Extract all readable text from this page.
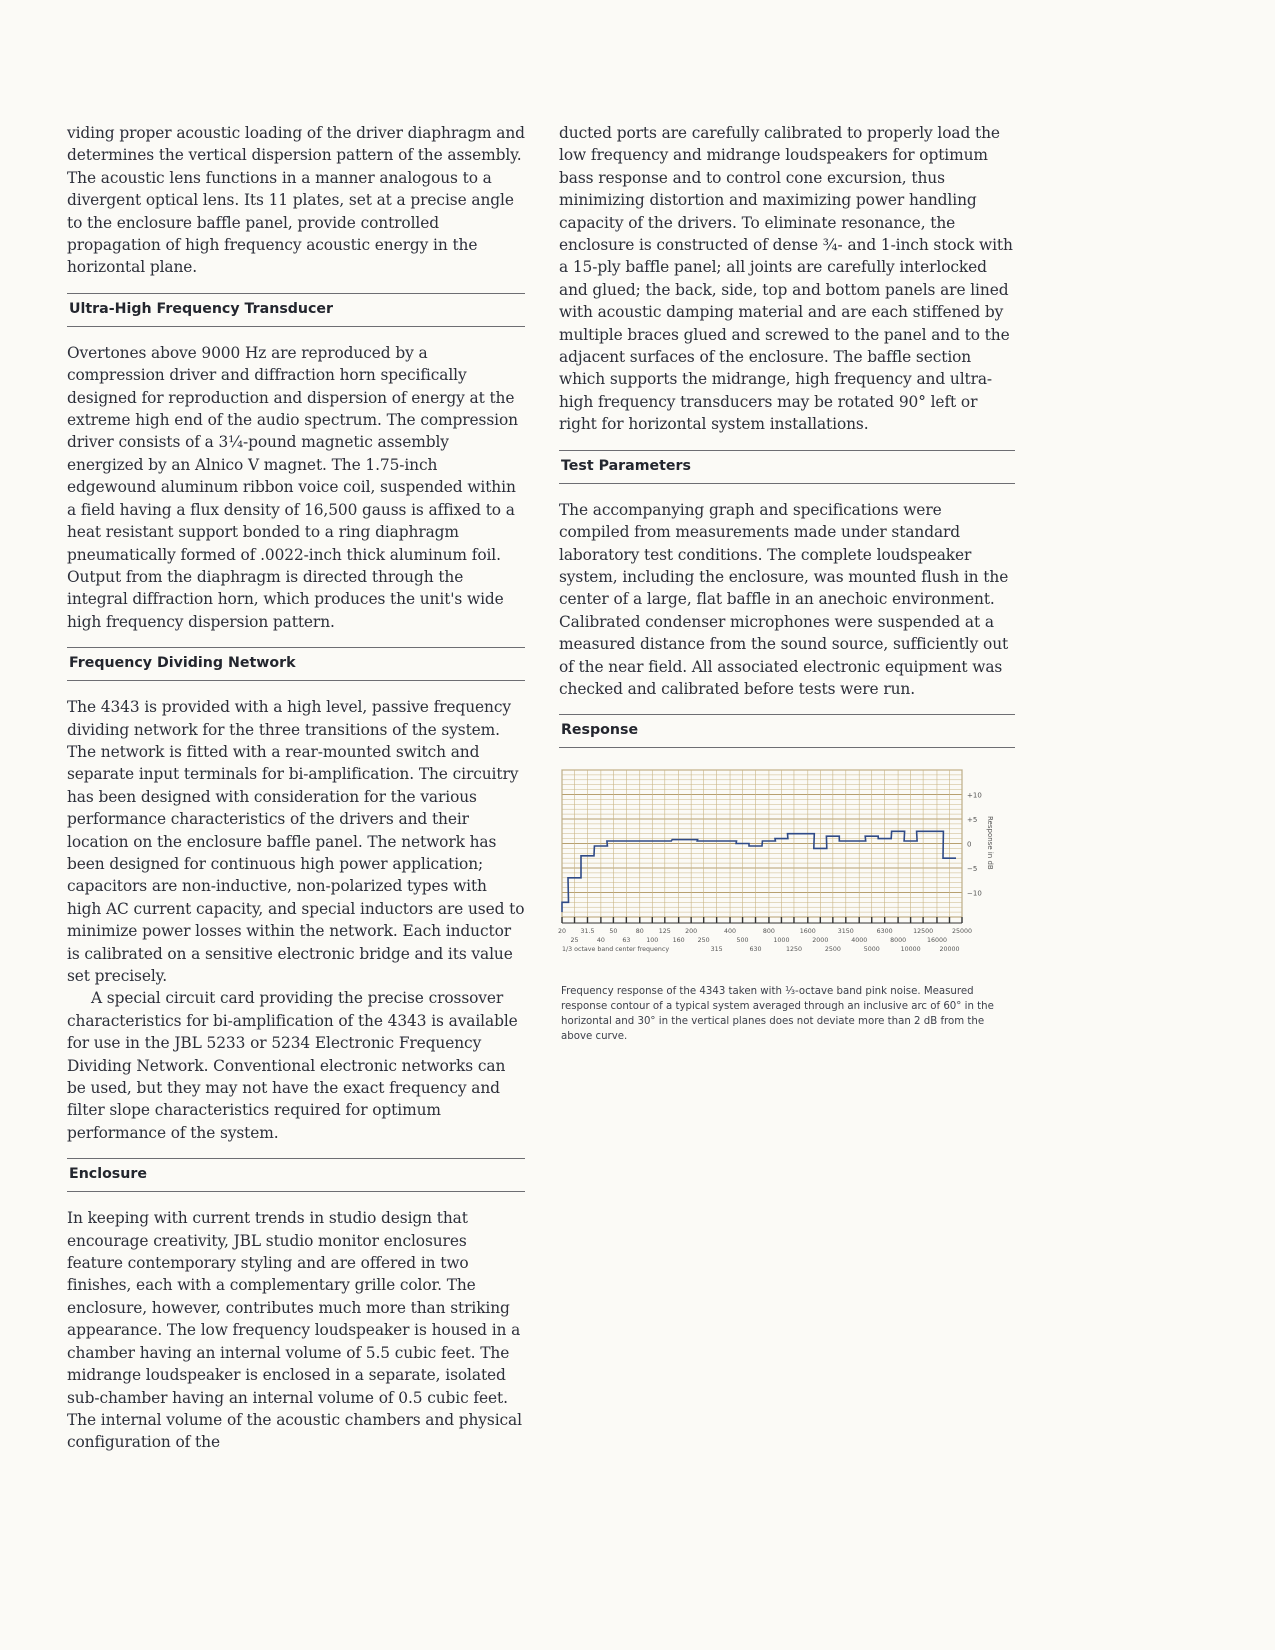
viding proper acoustic loading of the driver diaphragm and determines the vertical dispersion pattern of the assembly. The acoustic lens functions in a manner analogous to a divergent optical lens. Its 11 plates, set at a precise angle to the enclosure baffle panel, provide controlled propagation of high frequency acoustic energy in the horizontal plane.

Ultra-High Frequency Transducer

Overtones above 9000 Hz are reproduced by a compression driver and diffraction horn specifically designed for reproduction and dispersion of energy at the extreme high end of the audio spectrum. The compression driver consists of a 3¼-pound magnetic assembly energized by an Alnico V magnet. The 1.75-inch edgewound aluminum ribbon voice coil, suspended within a field having a flux density of 16,500 gauss is affixed to a heat resistant support bonded to a ring diaphragm pneumatically formed of .0022-inch thick aluminum foil. Output from the diaphragm is directed through the integral diffraction horn, which produces the unit's wide high frequency dispersion pattern.

Frequency Dividing Network

The 4343 is provided with a high level, passive frequency dividing network for the three transitions of the system. The network is fitted with a rear-mounted switch and separate input terminals for bi-amplification. The circuitry has been designed with consideration for the various performance characteristics of the drivers and their location on the enclosure baffle panel. The network has been designed for continuous high power application; capacitors are non-inductive, non-polarized types with high AC current capacity, and special inductors are used to minimize power losses within the network. Each inductor is calibrated on a sensitive electronic bridge and its value set precisely.

A special circuit card providing the precise crossover characteristics for bi-amplification of the 4343 is available for use in the JBL 5233 or 5234 Electronic Frequency Dividing Network. Conventional electronic networks can be used, but they may not have the exact frequency and filter slope characteristics required for optimum performance of the system.

Enclosure

In keeping with current trends in studio design that encourage creativity, JBL studio monitor enclosures feature contemporary styling and are offered in two finishes, each with a complementary grille color. The enclosure, however, contributes much more than striking appearance. The low frequency loudspeaker is housed in a chamber having an internal volume of 5.5 cubic feet. The midrange loudspeaker is enclosed in a separate, isolated sub-chamber having an internal volume of 0.5 cubic feet. The internal volume of the acoustic chambers and physical configuration of the

ducted ports are carefully calibrated to properly load the low frequency and midrange loudspeakers for optimum bass response and to control cone excursion, thus minimizing distortion and maximizing power handling capacity of the drivers. To eliminate resonance, the enclosure is constructed of dense ¾- and 1-inch stock with a 15-ply baffle panel; all joints are carefully interlocked and glued; the back, side, top and bottom panels are lined with acoustic damping material and are each stiffened by multiple braces glued and screwed to the panel and to the adjacent surfaces of the enclosure. The baffle section which supports the midrange, high frequency and ultra-high frequency transducers may be rotated 90° left or right for horizontal system installations.

Test Parameters

The accompanying graph and specifications were compiled from measurements made under standard laboratory test conditions. The complete loudspeaker system, including the enclosure, was mounted flush in the center of a large, flat baffle in an anechoic environment. Calibrated condenser microphones were suspended at a measured distance from the sound source, sufficiently out of the near field. All associated electronic equipment was checked and calibrated before tests were run.

Response
+10
+5
0
−5
−10
Response in dB
20 31.5 50	80 125 200	400	800	1600	3150	6300	12500	25000
25	40	63	100 160 250	500	1000	2000	4000	8000	16000
315	630	1250	2500	5000	10000	20000
1/3 octave band center frequency

Frequency response of the 4343 taken with ⅓-octave band pink noise. Measured response contour of a typical system averaged through an inclusive arc of 60° in the horizontal and 30° in the vertical planes does not deviate more than 2 dB from the above curve.
